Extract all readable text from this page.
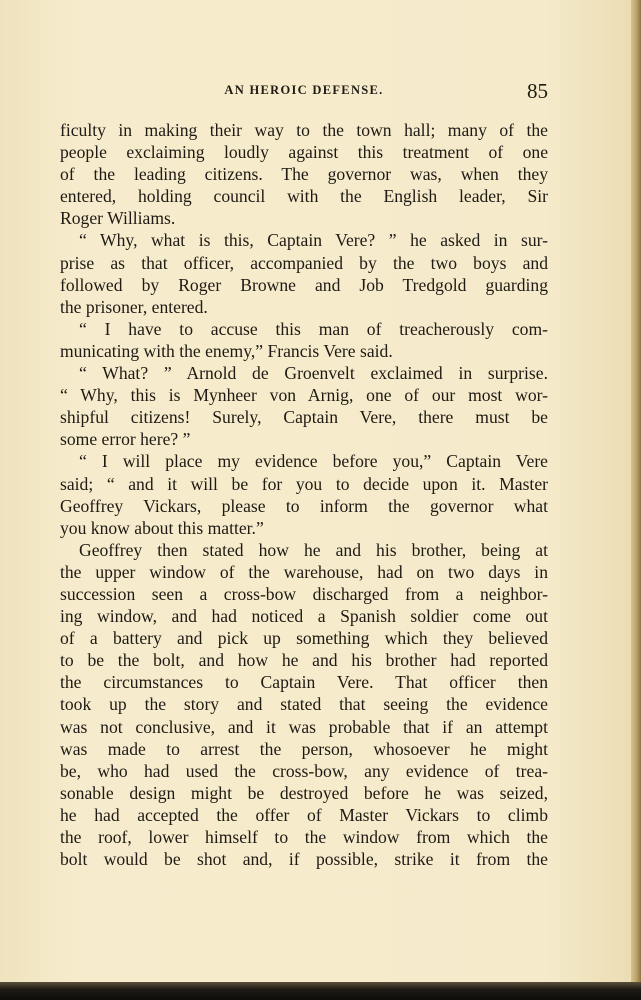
AN HEROIC DEFENSE.	85
ficulty in making their way to the town hall; many of the
people exclaiming loudly against this treatment of one
of the leading citizens. The governor was, when they
entered, holding council with the English leader, Sir
Roger Williams.
“ Why, what is this, Captain Vere? ” he asked in sur-
prise as that officer, accompanied by the two boys and
followed by Roger Browne and Job Tredgold guarding
the prisoner, entered.
“ I have to accuse this man of treacherously com-
municating with the enemy,” Francis Vere said.
“ What? ” Arnold de Groenvelt exclaimed in surprise.
“ Why, this is Mynheer von Arnig, one of our most wor-
shipful citizens! Surely, Captain Vere, there must be
some error here? ”
“ I will place my evidence before you,” Captain Vere
said; “ and it will be for you to decide upon it. Master
Geoffrey Vickars, please to inform the governor what
you know about this matter.”
Geoffrey then stated how he and his brother, being at
the upper window of the warehouse, had on two days in
succession seen a cross-bow discharged from a neighbor-
ing window, and had noticed a Spanish soldier come out
of a battery and pick up something which they believed
to be the bolt, and how he and his brother had reported
the circumstances to Captain Vere. That officer then
took up the story and stated that seeing the evidence
was not conclusive, and it was probable that if an attempt
was made to arrest the person, whosoever he might
be, who had used the cross-bow, any evidence of trea-
sonable design might be destroyed before he was seized,
he had accepted the offer of Master Vickars to climb
the roof, lower himself to the window from which the
bolt would be shot and, if possible, strike it from the
